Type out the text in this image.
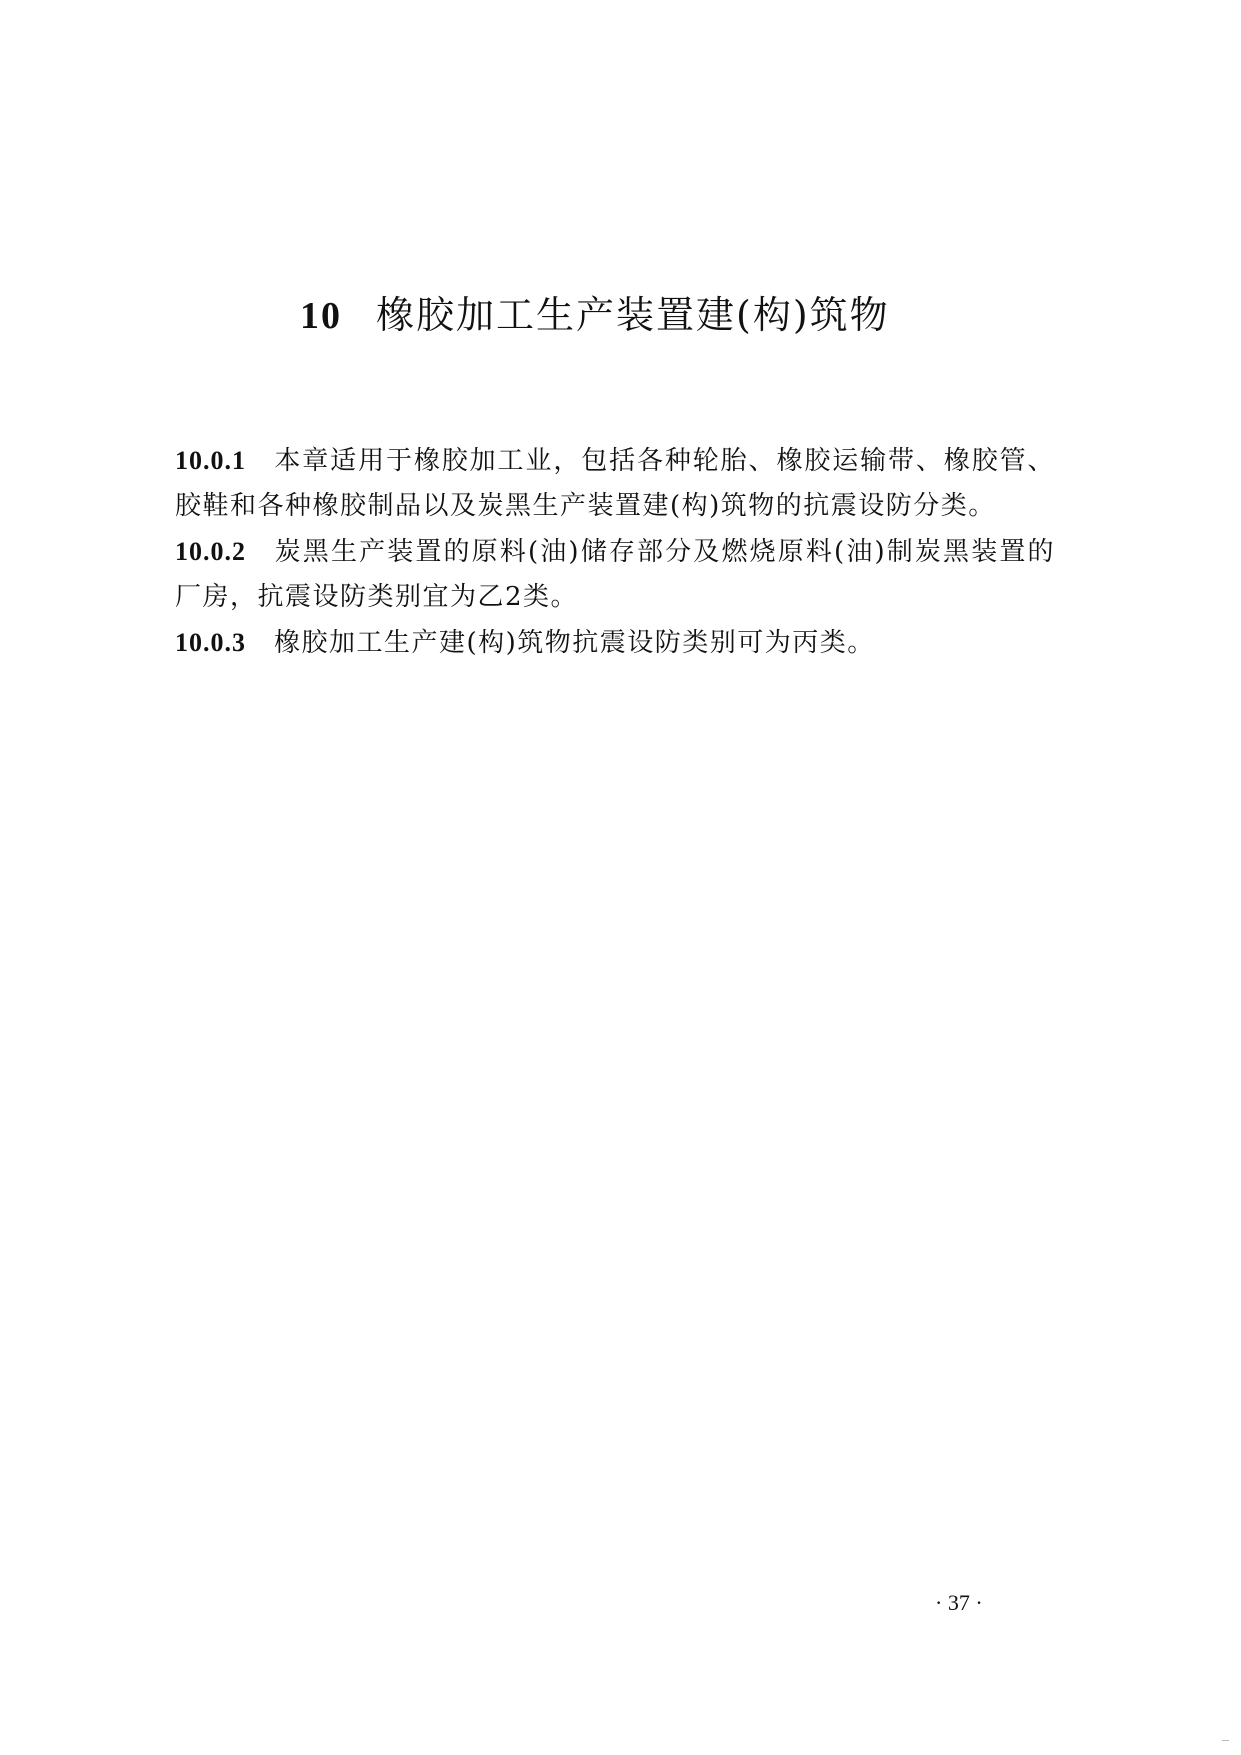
10 橡胶加工生产装置建(构)筑物

10.0.1 本章适用于橡胶加工业，包括各种轮胎、橡胶运输带、橡胶管、胶鞋和各种橡胶制品以及炭黑生产装置建(构)筑物的抗震设防分类。

10.0.2 炭黑生产装置的原料(油)储存部分及燃烧原料(油)制炭黑装置的厂房，抗震设防类别宜为乙2类。

10.0.3 橡胶加工生产建(构)筑物抗震设防类别可为丙类。

· 37 ·
